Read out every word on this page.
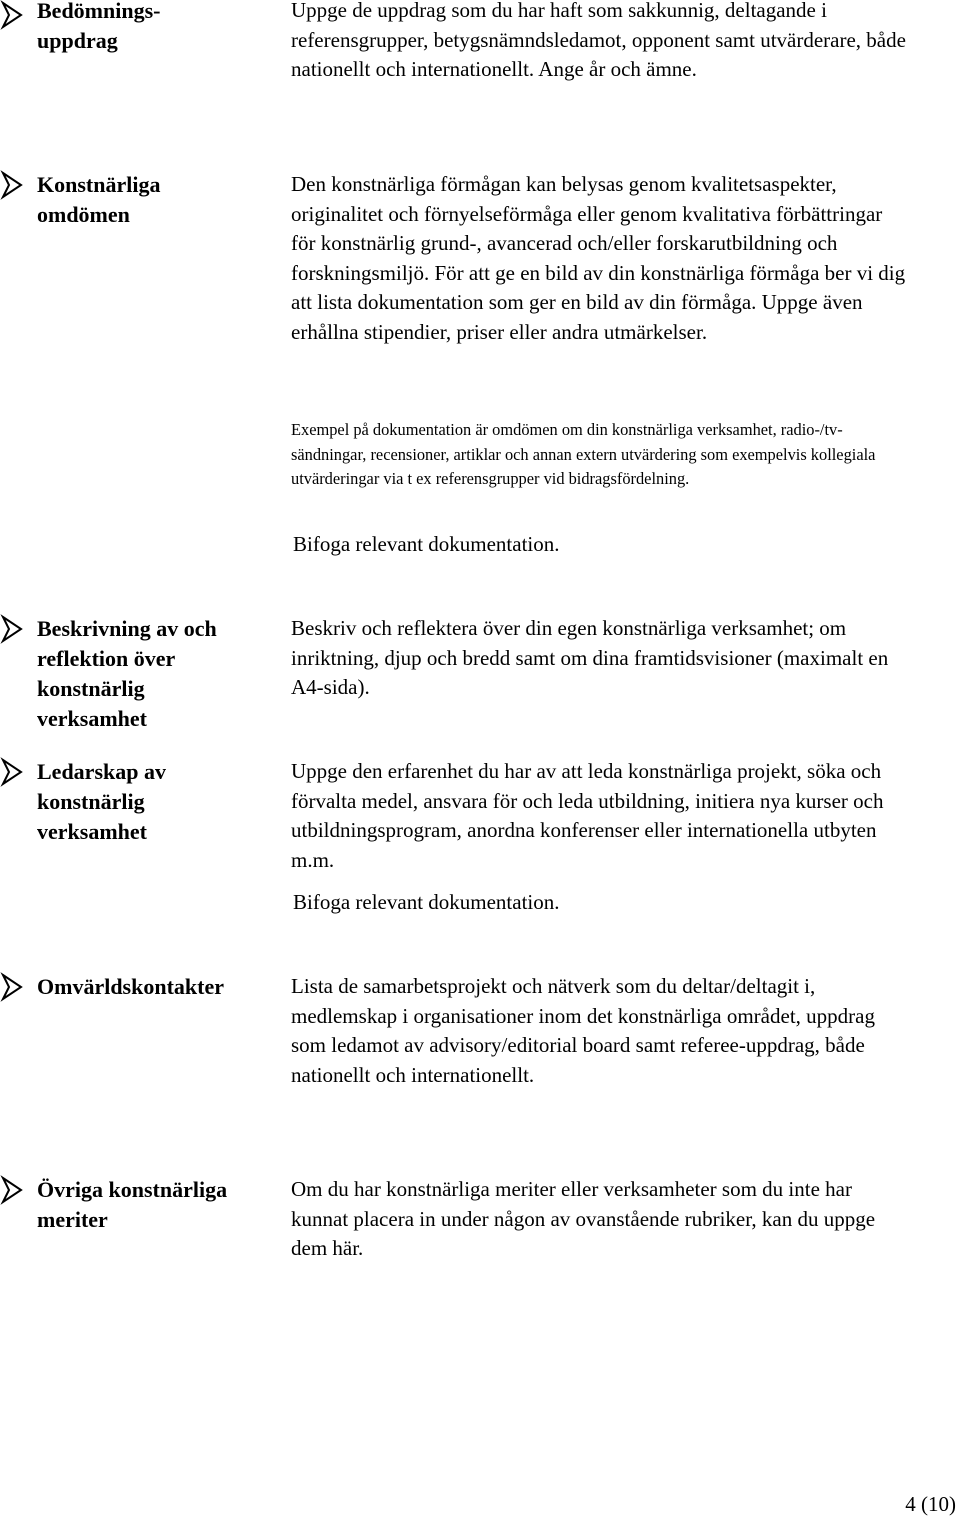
Bedömnings-
uppdrag

Uppge de uppdrag som du har haft som sakkunnig, deltagande i referensgrupper, betygsnämndsledamot, opponent samt utvärderare, både nationellt och internationellt. Ange år och ämne.

Konstnärliga
omdömen

Den konstnärliga förmågan kan belysas genom kvalitetsaspekter, originalitet och förnyelseförmåga eller genom kvalitativa förbättringar för konstnärlig grund-, avancerad och/eller forskarutbildning och forskningsmiljö. För att ge en bild av din konstnärliga förmåga ber vi dig att lista dokumentation som ger en bild av din förmåga. Uppge även erhållna stipendier, priser eller andra utmärkelser.

Exempel på dokumentation är omdömen om din konstnärliga verksamhet, radio-/tv-sändningar, recensioner, artiklar och annan extern utvärdering som exempelvis kollegiala utvärderingar via t ex referensgrupper vid bidragsfördelning.

Bifoga relevant dokumentation.

Beskrivning av och
reflektion över
konstnärlig
verksamhet

Beskriv och reflektera över din egen konstnärliga verksamhet; om inriktning, djup och bredd samt om dina framtidsvisioner (maximalt en A4-sida).

Ledarskap av
konstnärlig
verksamhet

Uppge den erfarenhet du har av att leda konstnärliga projekt, söka och förvalta medel, ansvara för och leda utbildning, initiera nya kurser och utbildningsprogram, anordna konferenser eller internationella utbyten m.m.

Bifoga relevant dokumentation.

Omvärldskontakter	Lista de samarbetsprojekt och nätverk som du deltar/deltagit i, medlemskap i organisationer inom det konstnärliga området, uppdrag som ledamot av advisory/editorial board samt referee-uppdrag, både nationellt och internationellt.

Övriga konstnärliga
meriter

Om du har konstnärliga meriter eller verksamheter som du inte har kunnat placera in under någon av ovanstående rubriker, kan du uppge dem här.

4 (10)
